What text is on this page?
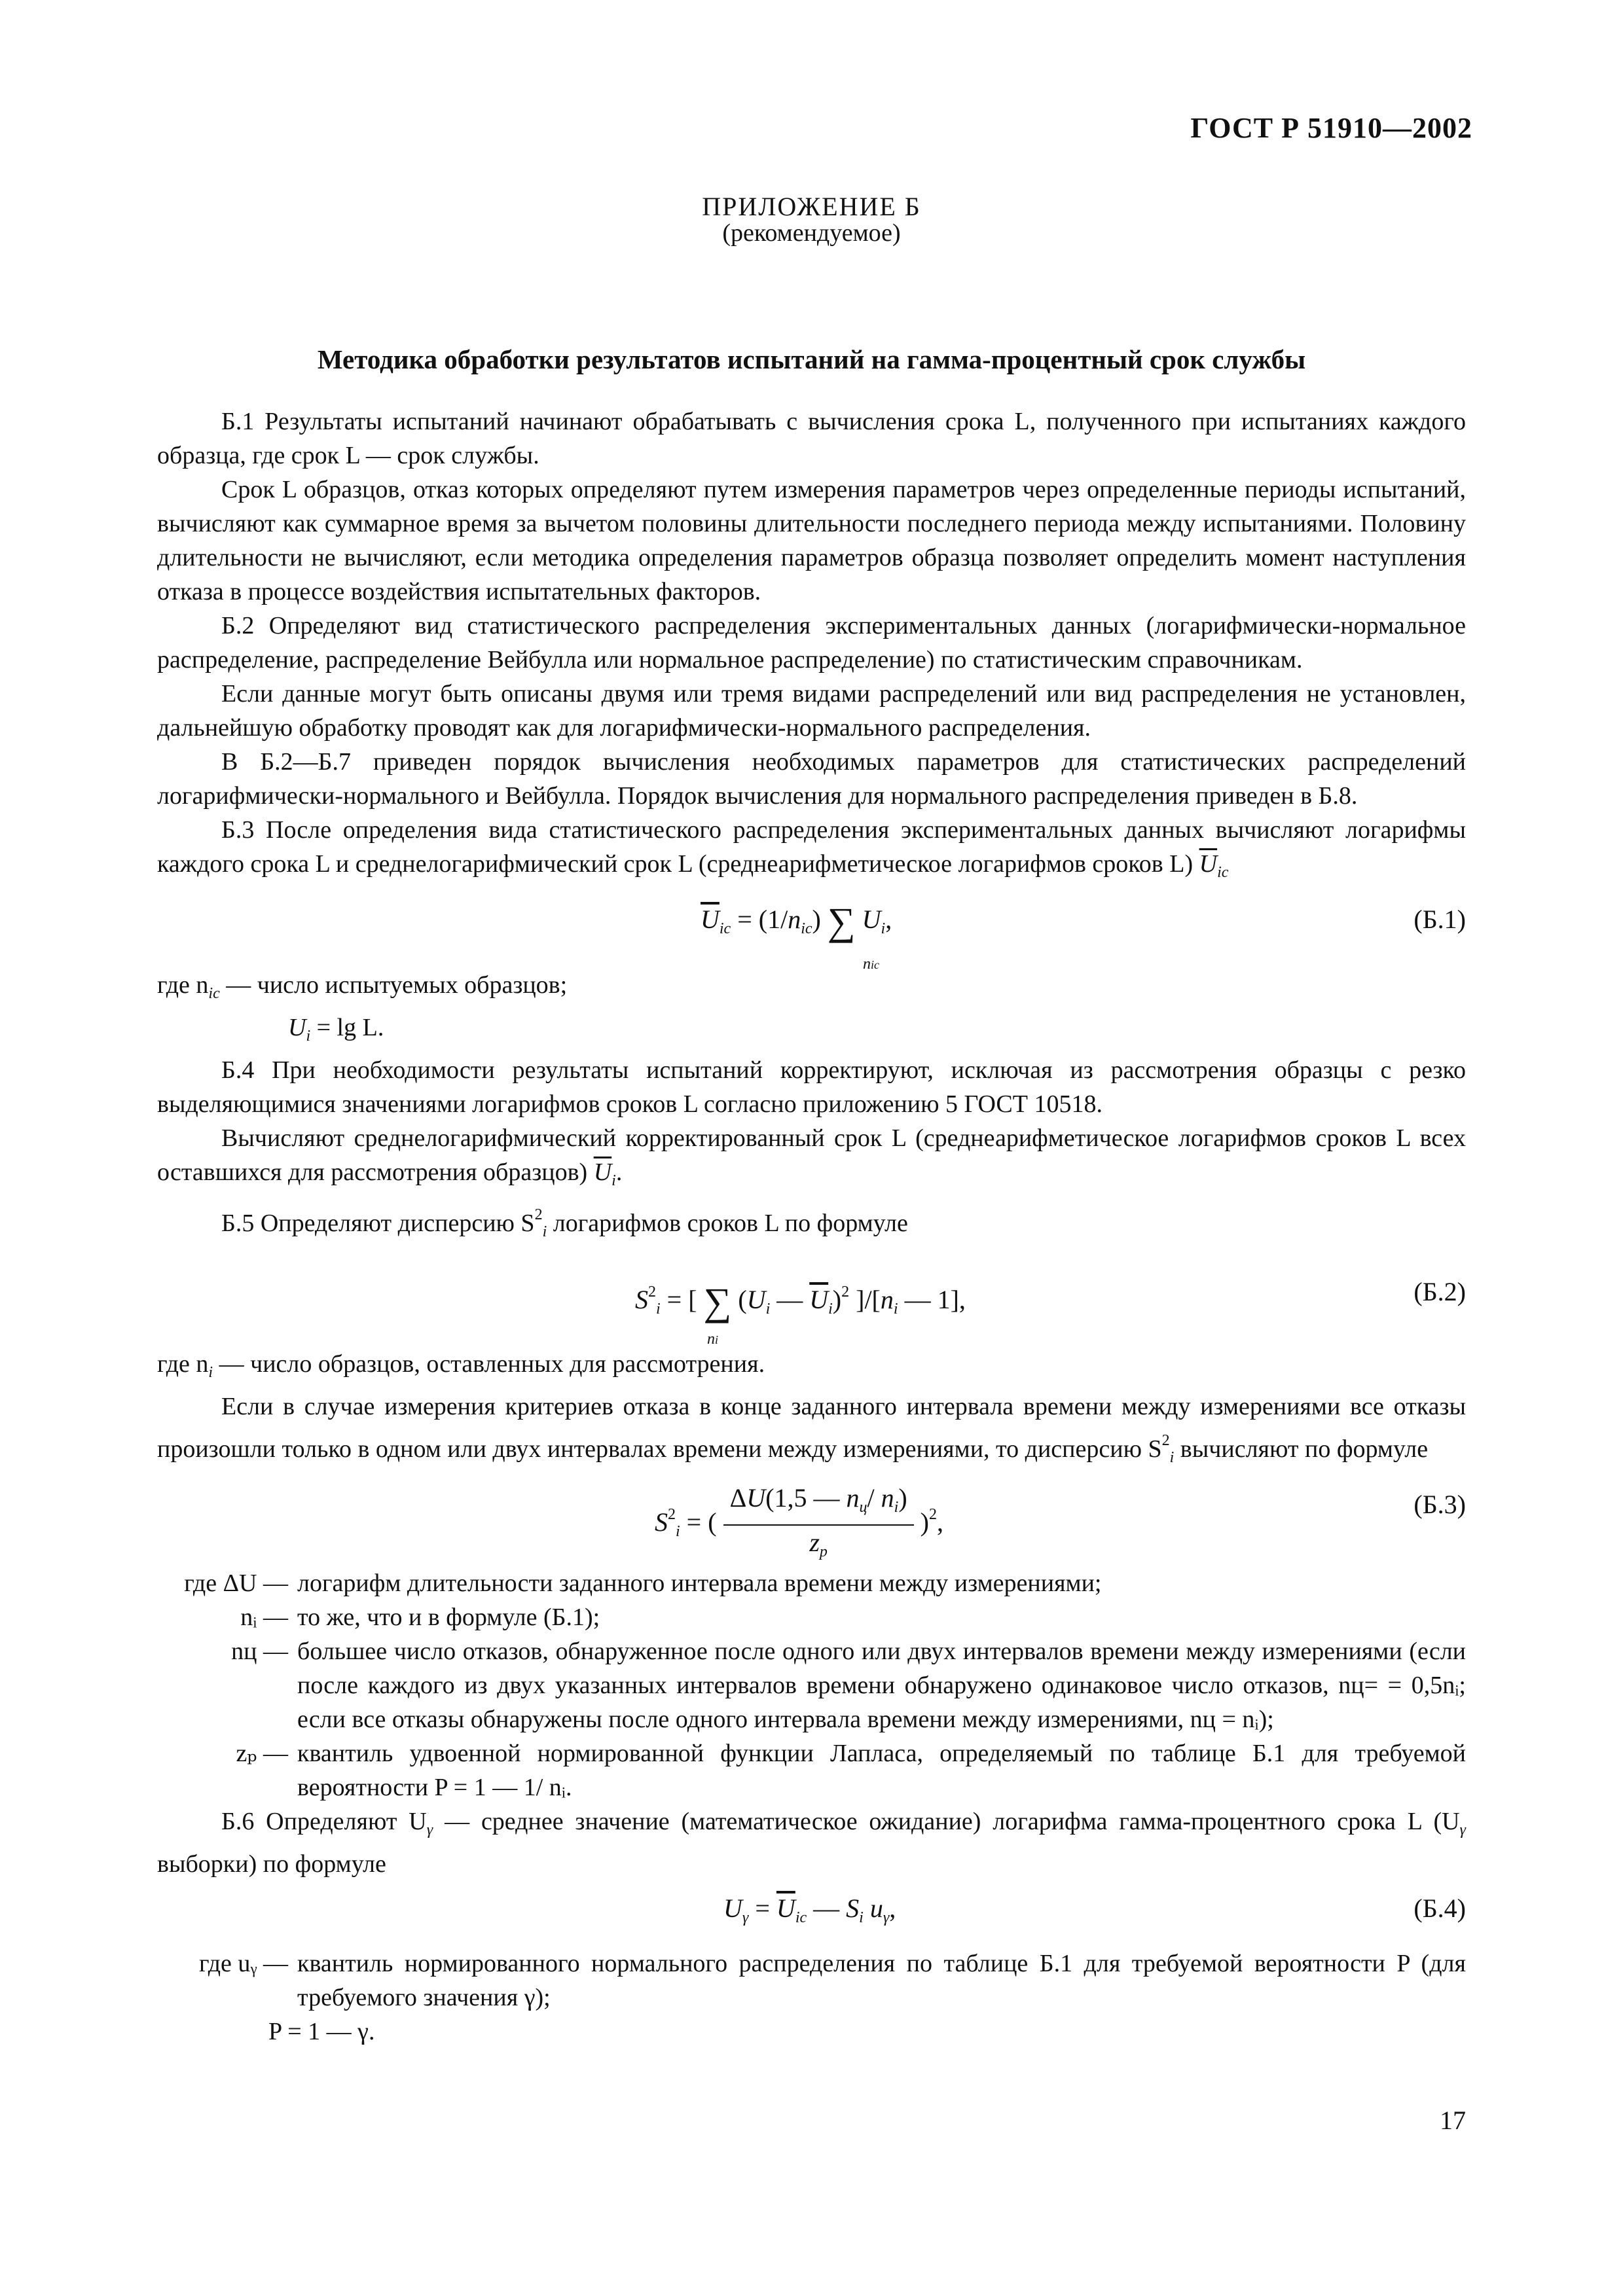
ГОСТ Р 51910—2002
ПРИЛОЖЕНИЕ Б
(рекомендуемое)
Методика обработки результатов испытаний на гамма-процентный срок службы

Б.1 Результаты испытаний начинают обрабатывать с вычисления срока L, полученного при испытаниях каждого образца, где срок L — срок службы.

Срок L образцов, отказ которых определяют путем измерения параметров через определенные периоды испытаний, вычисляют как суммарное время за вычетом половины длительности последнего периода между испытаниями. Половину длительности не вычисляют, если методика определения параметров образца позволяет определить момент наступления отказа в процессе воздействия испытательных факторов.

Б.2 Определяют вид статистического распределения экспериментальных данных (логарифмически-нормальное распределение, распределение Вейбулла или нормальное распределение) по статистическим справочникам.

Если данные могут быть описаны двумя или тремя видами распределений или вид распределения не установлен, дальнейшую обработку проводят как для логарифмически-нормального распределения.

В Б.2—Б.7 приведен порядок вычисления необходимых параметров для статистических распределений логарифмически-нормального и Вейбулла. Порядок вычисления для нормального распределения приведен в Б.8.

Б.3 После определения вида статистического распределения экспериментальных данных вычисляют логарифмы каждого срока L и среднелогарифмический срок L (среднеарифметическое логарифмов сроков L) $\overline{U}_{ic}$

$\overline{U}_{ic} = (1/n_{ic})$ ∑ $U_i$,
nic
(Б.1)

где $n_{ic}$ — число испытуемых образцов;

$U_i = \lg L$.

Б.4 При необходимости результаты испытаний корректируют, исключая из рассмотрения образцы с резко выделяющимися значениями логарифмов сроков L согласно приложению 5 ГОСТ 10518.

Вычисляют среднелогарифмический корректированный срок L (среднеарифметическое логарифмов сроков L всех оставшихся для рассмотрения образцов) $\overline{U}_i$.

Б.5 Определяют дисперсию $S^2_i$ логарифмов сроков L по формуле

$S^2_i$ = [ ∑ ($U_i$ — $\overline{U}_i)^2$ ]$/[n_i$ — 1],
ni
(Б.2)

где $n_i$ — число образцов, оставленных для рассмотрения.

Если в случае измерения критериев отказа в конце заданного интервала времени между измерениями все отказы произошли только в одном или двух интервалах времени между измерениями, то дисперсию $S^2_i$ вычисляют по формуле

$S^2_i$ = ( $\frac{\Delta U(1,5 — n_ц/ n_i)}{z_p} )^2$,
(Б.3)
где ΔU — логарифм длительности заданного интервала времени между измерениями;
nᵢ — то же, что и в формуле (Б.1);
nц — большее число отказов, обнаруженное после одного или двух интервалов времени между измерениями (если после каждого из двух указанных интервалов времени обнаружено одинаковое число отказов, nц= = 0,5nᵢ; если все отказы обнаружены после одного интервала времени между измерениями, nц = nᵢ);
zₚ — квантиль удвоенной нормированной функции Лапласа, определяемый по таблице Б.1 для требуемой вероятности P = 1 — 1/ nᵢ.

Б.6 Определяют $U_\gamma$ — среднее значение (математическое ожидание) логарифма гамма-процентного срока L ($U_\gamma$ выборки) по формуле

$U_\gamma = \overline{U}_{ic}$ — $S_i$ $u_\gamma$,	(Б.4)
где uᵧ — квантиль нормированного нормального распределения по таблице Б.1 для требуемой вероятности P (для требуемого значения γ);

P = 1 — γ.

17
